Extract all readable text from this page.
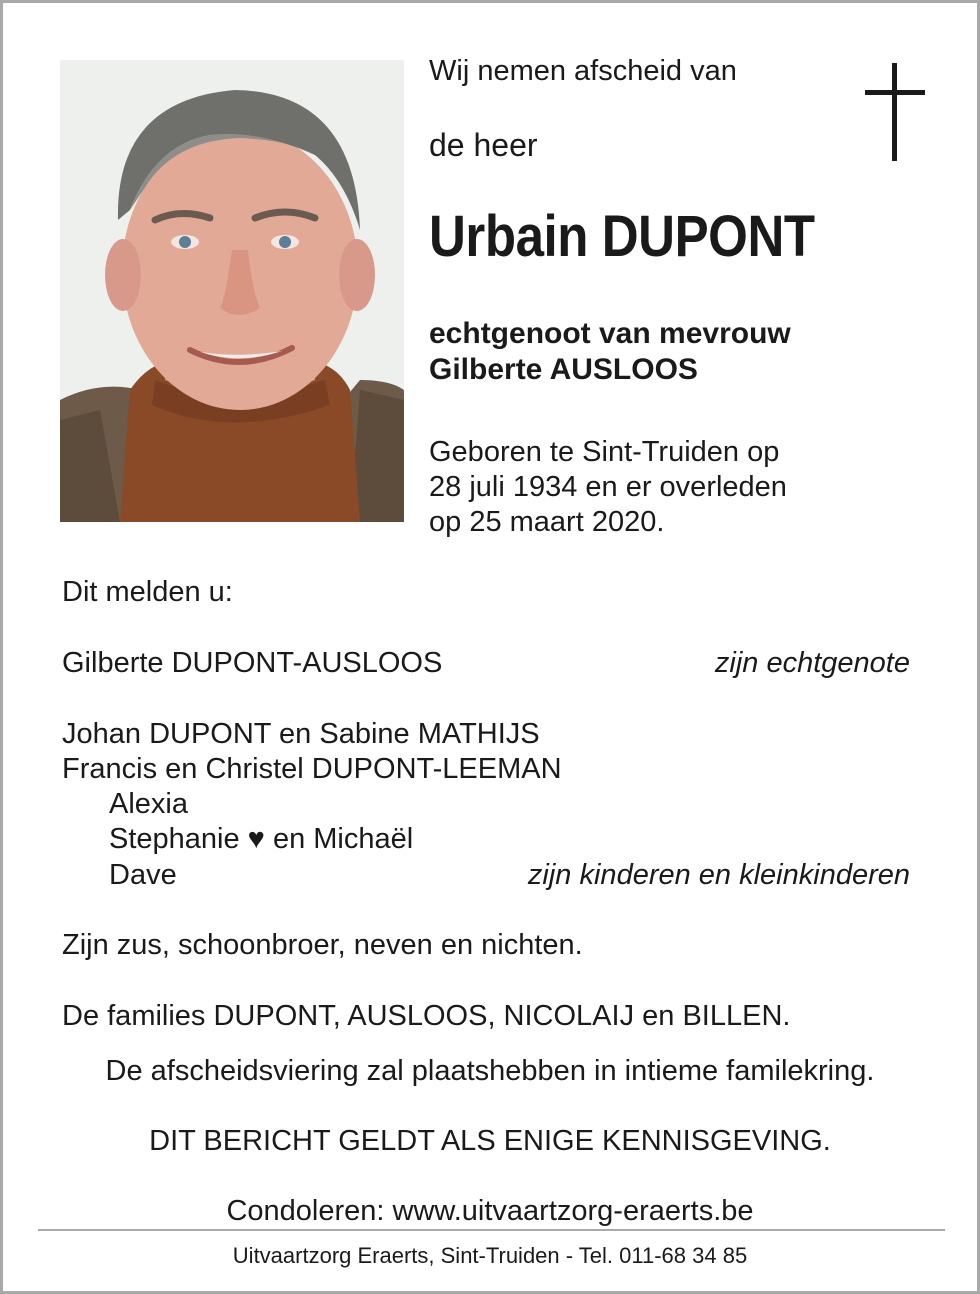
Wij nemen afscheid van
de heer
Urbain DUPONT
echtgenoot van mevrouw
Gilberte AUSLOOS
Geboren te Sint-Truiden op
28 juli 1934 en er overleden
op 25 maart 2020.
Dit melden u:
Gilberte DUPONT-AUSLOOS	zijn echtgenote
Johan DUPONT en Sabine MATHIJS
Francis en Christel DUPONT-LEEMAN
Alexia
Stephanie ♥ en Michaël
Dave	zijn kinderen en kleinkinderen
Zijn zus, schoonbroer, neven en nichten.
De families DUPONT, AUSLOOS, NICOLAIJ en BILLEN.
De afscheidsviering zal plaatshebben in intieme familekring.
DIT BERICHT GELDT ALS ENIGE KENNISGEVING.
Condoleren: www.uitvaartzorg-eraerts.be
Uitvaartzorg Eraerts, Sint-Truiden - Tel. 011-68 34 85
